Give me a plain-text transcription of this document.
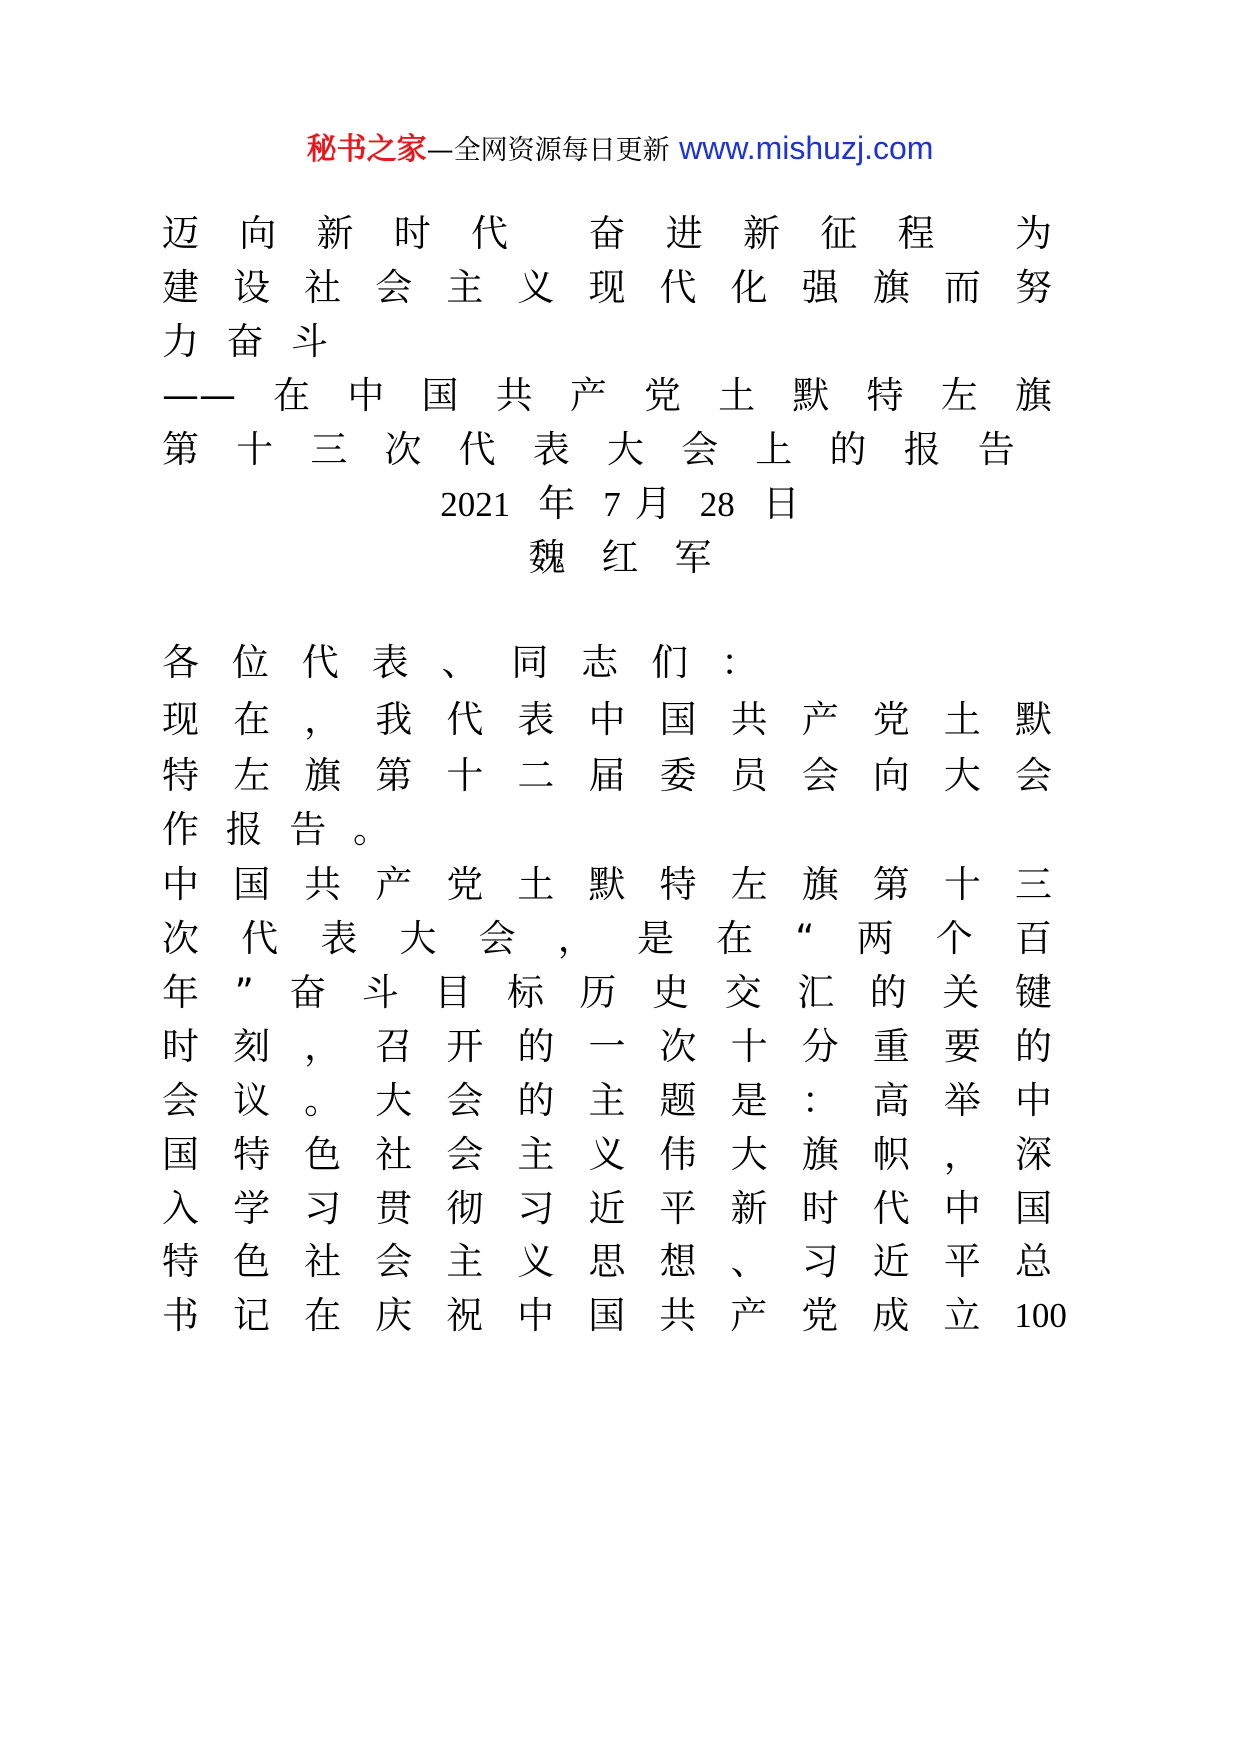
秘书之家—全网资源每日更新 www.mishuzj.com
迈 向 新 时 代 奋 进 新 征 程 为
建 设 社 会 主 义 现 代 化 强 旗 而 努
力 奋 斗
—— 在 中 国 共 产 党 土 默 特 左 旗
第 十 三 次 代 表 大 会 上 的 报 告
2021 年 7 月 28 日
魏 红 军
各 位 代 表 、 同 志 们 ：
现 在 ， 我 代 表 中 国 共 产 党 土 默
特 左 旗 第 十 二 届 委 员 会 向 大 会
作 报 告 。
中 国 共 产 党 土 默 特 左 旗 第 十 三
次 代 表 大 会 ， 是 在 “ 两 个 百
年 ” 奋 斗 目 标 历 史 交 汇 的 关 键
时 刻 ， 召 开 的 一 次 十 分 重 要 的
会 议 。 大 会 的 主 题 是 ： 高 举 中
国 特 色 社 会 主 义 伟 大 旗 帜 ， 深
入 学 习 贯 彻 习 近 平 新 时 代 中 国
特 色 社 会 主 义 思 想 、 习 近 平 总
书 记 在 庆 祝 中 国 共 产 党 成 立 100
